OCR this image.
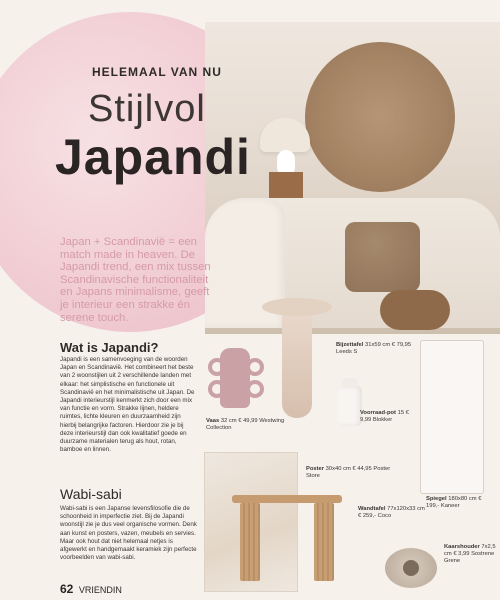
HELEMAAL VAN NU
Stijlvol
Japandi
Japan + Scandinavië = een match made in heaven. De Japandi trend, een mix tussen Scandinavische functionaliteit en Japans minimalisme, geeft je interieur een strakke én serene touch.
Wat is Japandi?
Japandi is een samenvoeging van de woorden Japan en Scandinavië. Het combineert het beste van 2 woonstijlen uit 2 verschillende landen met elkaar: het simplistische en functionele uit Scandinavië en het minimalistische uit Japan. De Japandi interieurstijl kenmerkt zich door een mix van functie en vorm. Strakke lijnen, heldere ruimtes, lichte kleuren en duurzaamheid zijn hierbij belangrijke factoren. Hierdoor zie je bij deze interieurstijl dan ook kwalitatief goede en duurzame materialen terug als hout, rotan, bamboe en linnen.
Wabi-sabi
Wabi-sabi is een Japanse levensfilosofie die de schoonheid in imperfectie ziet. Bij de Japandi woonstijl zie je dus veel organische vormen. Denk aan kunst en posters, vazen, meubels en servies. Maar ook hout dat niet helemaal netjes is afgewerkt en handgemaakt keramiek zijn perfecte voorbeelden van wabi-sabi.
Vaas 32 cm € 49,99 Westwing Collection
Bijzettafel 31x59 cm € 79,95 Leeds S
Voorraad-pot 15 € 9,99 Blokker
Poster 30x40 cm € 44,95 Poster Store
Wandtafel 77x120x33 cm € 259,- Coco
Spiegel 180x80 cm € 199,- Kaneer
Kaarshouder 7x2,5 cm € 3,99 Sostrene Grene
62 VRIENDIN
